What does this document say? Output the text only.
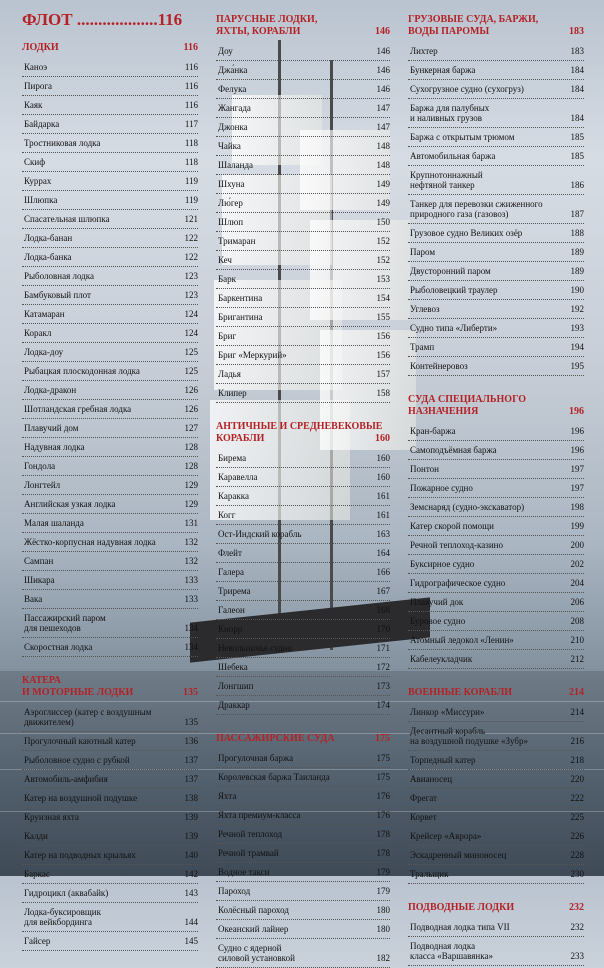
ФЛОТ ...................116
ЛОДКИ	116
Каноэ	116
Пирога	116
Каяк	116
Байдарка	117
Тростниковая лодка	118
Скиф	118
Куррах	119
Шлюпка	119
Спасательная шлюпка	121
Лодка-банан	122
Лодка-банка	122
Рыболовная лодка	123
Бамбуковый плот	123
Катамаран	124
Коракл	124
Лодка-доу	125
Рыбацкая плоскодонная лодка	125
Лодка-дракон	126
Шотландская гребная лодка	126
Плавучий дом	127
Надувная лодка	128
Гондола	128
Лонгтейл	129
Английская узкая лодка	129
Малая шаланда	131
Жёстко-корпусная надувная лодка	132
Сампан	132
Шикара	133
Вака	133
Пассажирский паром
для пешеходов	134
Скоростная лодка	134
КАТЕРА
И МОТОРНЫЕ ЛОДКИ	135
Аэроглиссер (катер с воздушным
движителем)	135
Прогулочный каютный катер	136
Рыболовное судно с рубкой	137
Автомобиль-амфибия	137
Катер на воздушной подушке	138
Круизная яхта	139
Калди	139
Катер на подводных крыльях	140
Баркас	142
Гидроцикл (аквабайк)	143
Лодка-буксировщик
для вейкбординга	144
Гайсер	145
ПАРУСНЫЕ ЛОДКИ,
ЯХТЫ, КОРАБЛИ	146
Доу	146
Джа́нка	146
Фелука	146
Жангада	147
Джонка	147
Чайка	148
Шаланда	148
Шхуна	149
Лю́гер	149
Шлюп	150
Тримаран	152
Кеч	152
Барк	153
Баркентина	154
Бригантина	155
Бриг	156
Бриг «Меркурий»	156
Ладья	157
Клипер	158
АНТИЧНЫЕ И СРЕДНЕВЕКОВЫЕ
КОРАБЛИ	160
Бирема	160
Каравелла	160
Каракка	161
Когг	161
Ост-Индский корабль	163
Флейт	164
Галера	166
Трирема	167
Галеон	168
Кнорр	170
Невольничье судно	171
Шебека	172
Лонгшип	173
Драккар	174
ПАССАЖИРСКИЕ СУДА	175
Прогулочная баржа	175
Королевская баржа Таиланда	175
Яхта	176
Яхта премиум-класса	176
Речной теплоход	178
Речной трамвай	178
Водное такси	179
Пароход	179
Колёсный пароход	180
Океанский лайнер	180
Судно с ядерной
силовой установкой	182
ГРУЗОВЫЕ СУДА, БАРЖИ,
ВОДЫ ПАРОМЫ	183
Лихтер	183
Бункерная баржа	184
Сухогрузное судно (сухогруз)	184
Баржа для палубных
и наливных грузов	184
Баржа с открытым трюмом	185
Автомобильная баржа	185
Крупнотоннажный
нефтяной танкер	186
Танкер для перевозки сжиженного
природного газа (газовоз)	187
Грузовое судно Великих озёр	188
Паром	189
Двусторонний паром	189
Рыболовецкий траулер	190
Углевоз	192
Судно типа «Либерти»	193
Трамп	194
Контейнеровоз	195
СУДА СПЕЦИАЛЬНОГО
НАЗНАЧЕНИЯ	196
Кран-баржа	196
Самоподъёмная баржа	196
Понтон	197
Пожарное судно	197
Земснаряд (судно-экскаватор)	198
Катер скорой помощи	199
Речной теплоход-казино	200
Буксирное судно	202
Гидрографическое судно	204
Плавучий док	206
Буровое судно	208
Атомный ледокол «Ленин»	210
Кабелеукладчик	212
ВОЕННЫЕ КОРАБЛИ	214
Линкор «Миссури»	214
Десантный корабль
на воздушной подушке «Зубр»	216
Торпедный катер	218
Авианосец	220
Фрегат	222
Корвет	225
Крейсер «Аврора»	226
Эскадренный миноносец	228
Тральщик	230
ПОДВОДНЫЕ ЛОДКИ	232
Подводная лодка типа VII	232
Подводная лодка
класса «Варшавянка»	233
